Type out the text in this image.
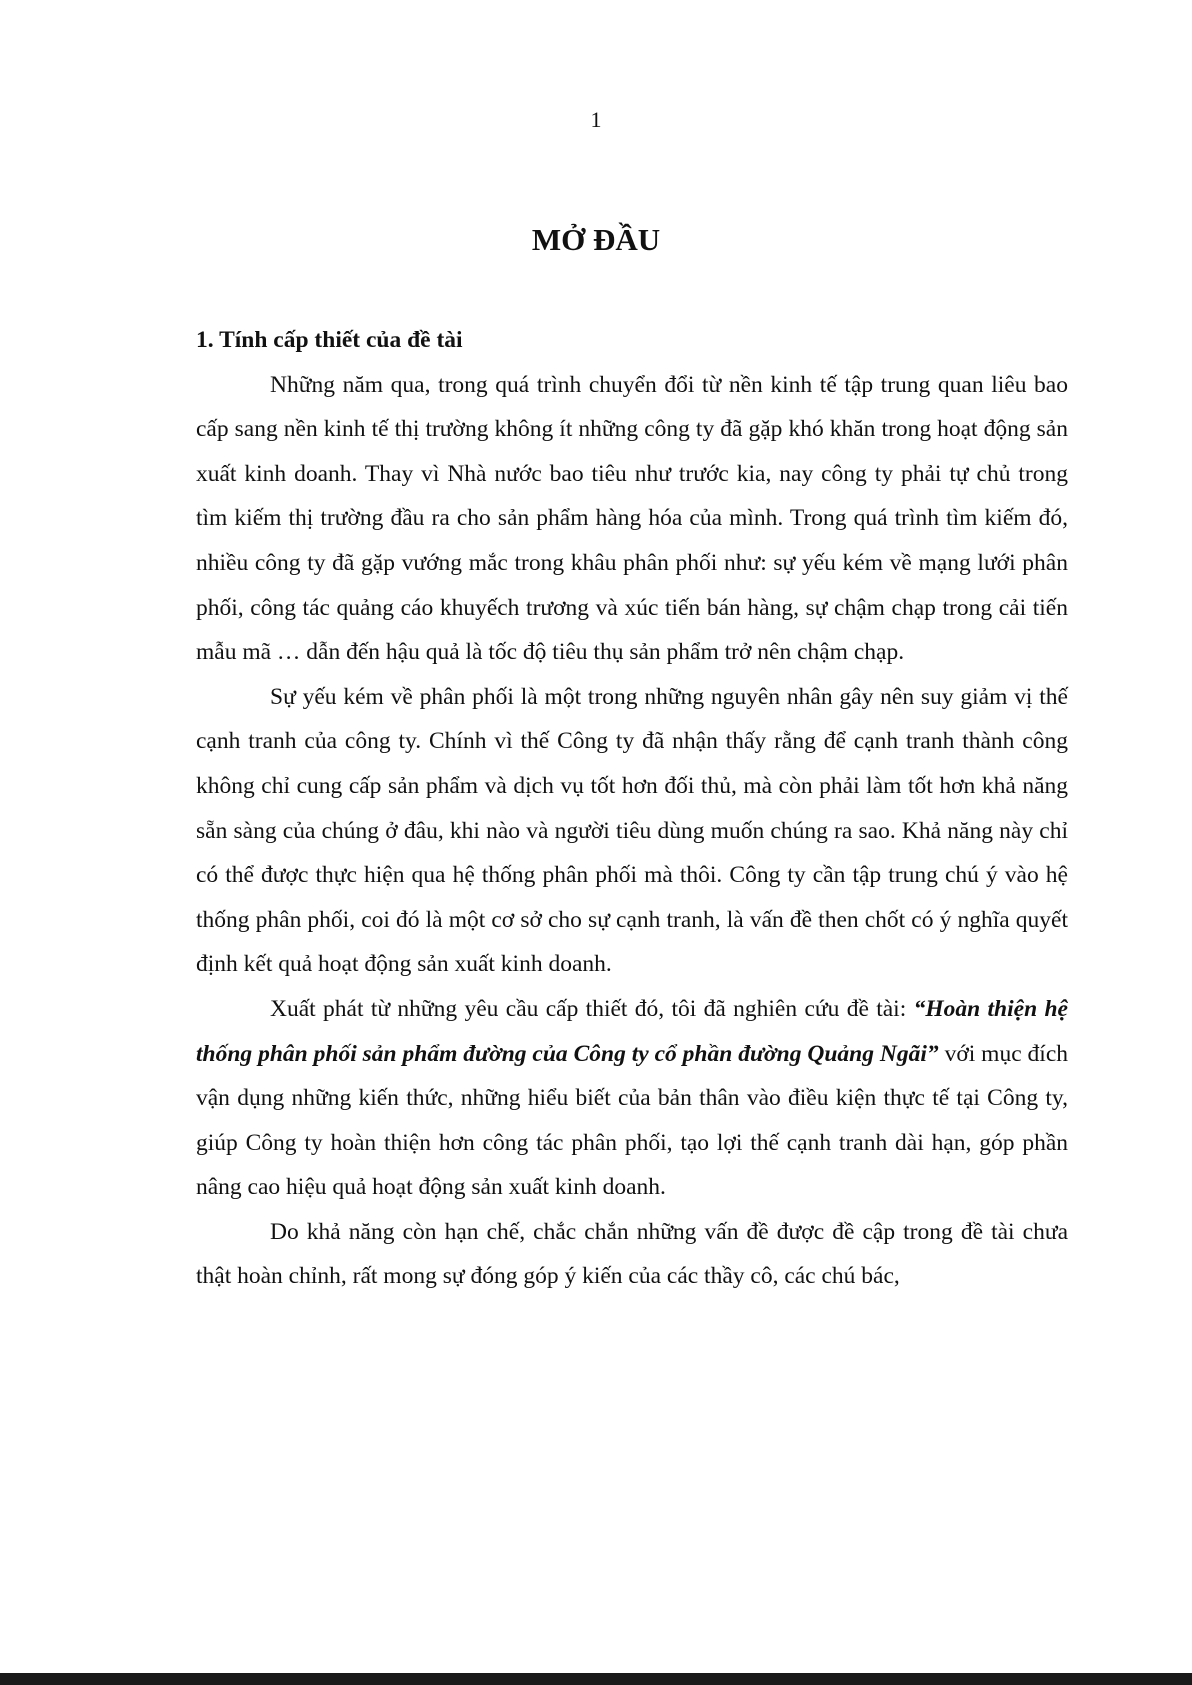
1
MỞ ĐẦU
1. Tính cấp thiết của đề tài

Những năm qua, trong quá trình chuyển đổi từ nền kinh tế tập trung quan liêu bao cấp sang nền kinh tế thị trường không ít những công ty đã gặp khó khăn trong hoạt động sản xuất kinh doanh. Thay vì Nhà nước bao tiêu như trước kia, nay công ty phải tự chủ trong tìm kiếm thị trường đầu ra cho sản phẩm hàng hóa của mình. Trong quá trình tìm kiếm đó, nhiều công ty đã gặp vướng mắc trong khâu phân phối như: sự yếu kém về mạng lưới phân phối, công tác quảng cáo khuyếch trương và xúc tiến bán hàng, sự chậm chạp trong cải tiến mẫu mã … dẫn đến hậu quả là tốc độ tiêu thụ sản phẩm trở nên chậm chạp.

Sự yếu kém về phân phối là một trong những nguyên nhân gây nên suy giảm vị thế cạnh tranh của công ty. Chính vì thế Công ty đã nhận thấy rằng để cạnh tranh thành công không chỉ cung cấp sản phẩm và dịch vụ tốt hơn đối thủ, mà còn phải làm tốt hơn khả năng sẵn sàng của chúng ở đâu, khi nào và người tiêu dùng muốn chúng ra sao. Khả năng này chỉ có thể được thực hiện qua hệ thống phân phối mà thôi. Công ty cần tập trung chú ý vào hệ thống phân phối, coi đó là một cơ sở cho sự cạnh tranh, là vấn đề then chốt có ý nghĩa quyết định kết quả hoạt động sản xuất kinh doanh.

Xuất phát từ những yêu cầu cấp thiết đó, tôi đã nghiên cứu đề tài: “Hoàn thiện hệ thống phân phối sản phẩm đường của Công ty cổ phần đường Quảng Ngãi” với mục đích vận dụng những kiến thức, những hiểu biết của bản thân vào điều kiện thực tế tại Công ty, giúp Công ty hoàn thiện hơn công tác phân phối, tạo lợi thế cạnh tranh dài hạn, góp phần nâng cao hiệu quả hoạt động sản xuất kinh doanh.

Do khả năng còn hạn chế, chắc chắn những vấn đề được đề cập trong đề tài chưa thật hoàn chỉnh, rất mong sự đóng góp ý kiến của các thầy cô, các chú bác,
